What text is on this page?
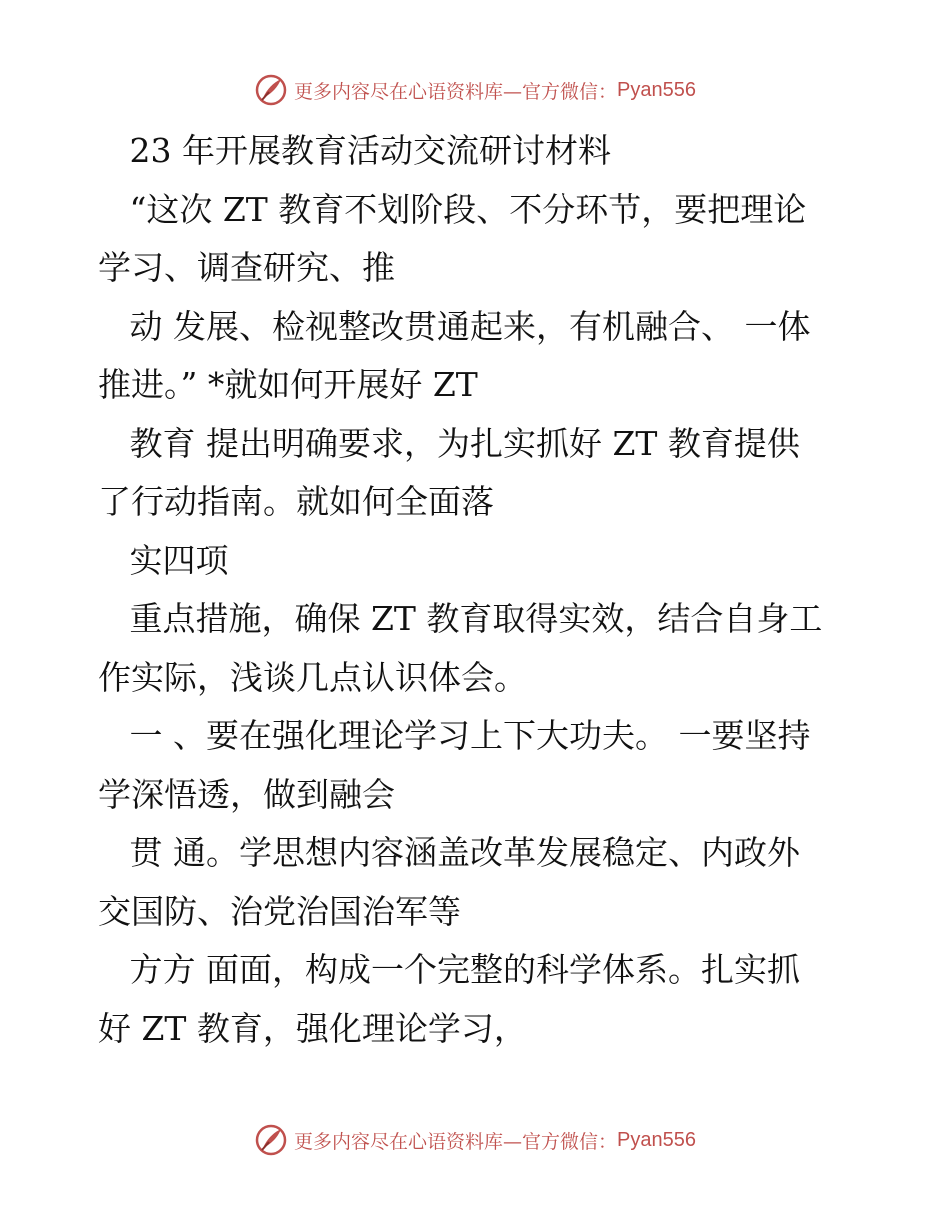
更多内容尽在心语资料库—官方微信： Pyan556

23 年开展教育活动交流研讨材料

“这次 ZT 教育不划阶段、不分环节，要把理论

学习、调查研究、推

动 发展、检视整改贯通起来，有机融合、 一体

推进。” *就如何开展好 ZT

教育 提出明确要求，为扎实抓好 ZT 教育提供

了行动指南。就如何全面落

实四项

重点措施，确保 ZT 教育取得实效，结合自身工

作实际，浅谈几点认识体会。

一 、要在强化理论学习上下大功夫。 一要坚持

学深悟透，做到融会

贯 通。学思想内容涵盖改革发展稳定、内政外

交国防、治党治国治军等

方方 面面，构成一个完整的科学体系。扎实抓

好 ZT 教育，强化理论学习，

更多内容尽在心语资料库—官方微信： Pyan556
